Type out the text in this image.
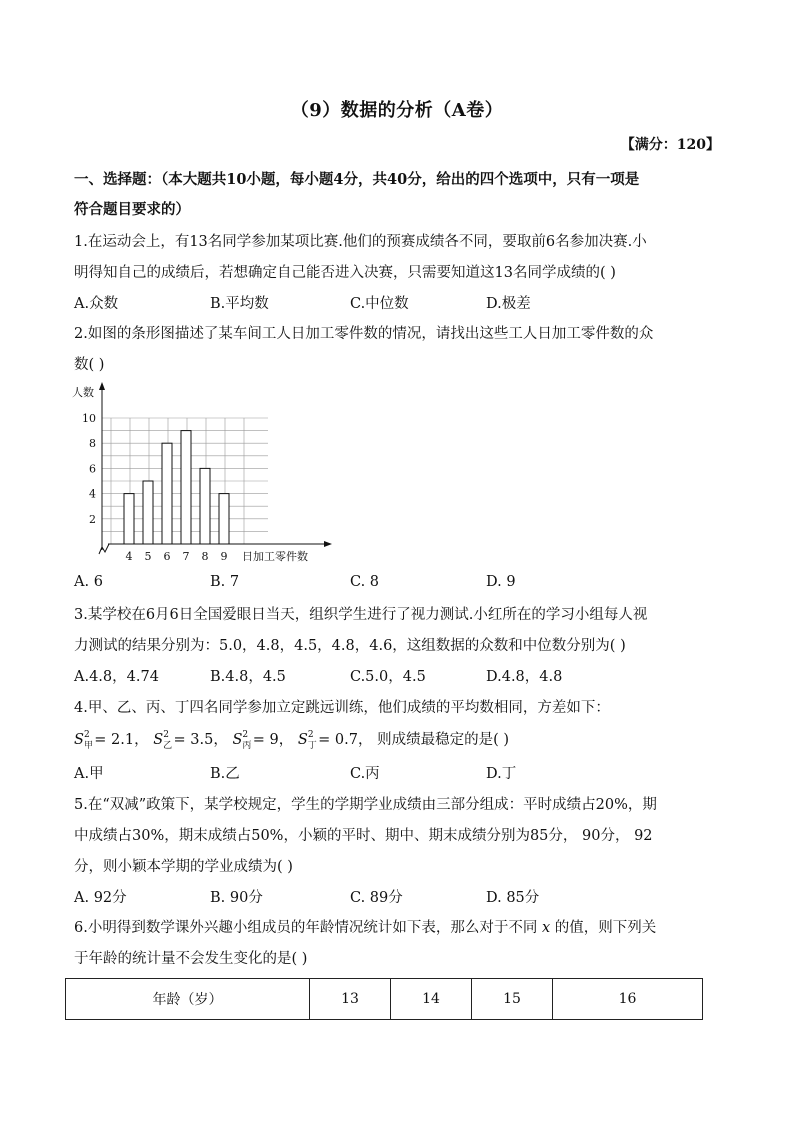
（9）数据的分析（A卷）
【满分：120】
一、选择题：（本大题共10小题，每小题4分，共40分，给出的四个选项中，只有一项是
符合题目要求的）
1.在运动会上，有13名同学参加某项比赛.他们的预赛成绩各不同，要取前6名参加决赛.小
明得知自己的成绩后，若想确定自己能否进入决赛，只需要知道这13名同学成绩的( )
A.众数	B.平均数	C.中位数	D.极差
2.如图的条形图描述了某车间工人日加工零件数的情况，请找出这些工人日加工零件数的众
数( )
2
4
6
8
10
4 5 6 7 8 9
人数
日加工零件数
A. 6	B. 7	C. 8	D. 9
3.某学校在6月6日全国爱眼日当天，组织学生进行了视力测试.小红所在的学习小组每人视
力测试的结果分别为：5.0，4.8，4.5，4.8，4.6，这组数据的众数和中位数分别为( )
A.4.8，4.74	B.4.8，4.5	C.5.0，4.5	D.4.8，4.8
4.甲、乙、丙、丁四名同学参加立定跳远训练，他们成绩的平均数相同，方差如下：
$S_甲^2 = 2.1$， $S_乙^2 = 3.5$， $S_丙^2 = 9$， $S_丁^2 = 0.7$， 则成绩最稳定的是( )
A.甲	B.乙	C.丙	D.丁
5.在“双减”政策下，某学校规定，学生的学期学业成绩由三部分组成：平时成绩占20%，期
中成绩占30%，期末成绩占50%，小颖的平时、期中、期末成绩分别为85分， 90分， 92
分，则小颖本学期的学业成绩为( )
A. 92分	B. 90分	C. 89分	D. 85分
6.小明得到数学课外兴趣小组成员的年龄情况统计如下表，那么对于不同 x 的值，则下列关
于年龄的统计量不会发生变化的是( )
年龄（岁）	13	14	15	16
